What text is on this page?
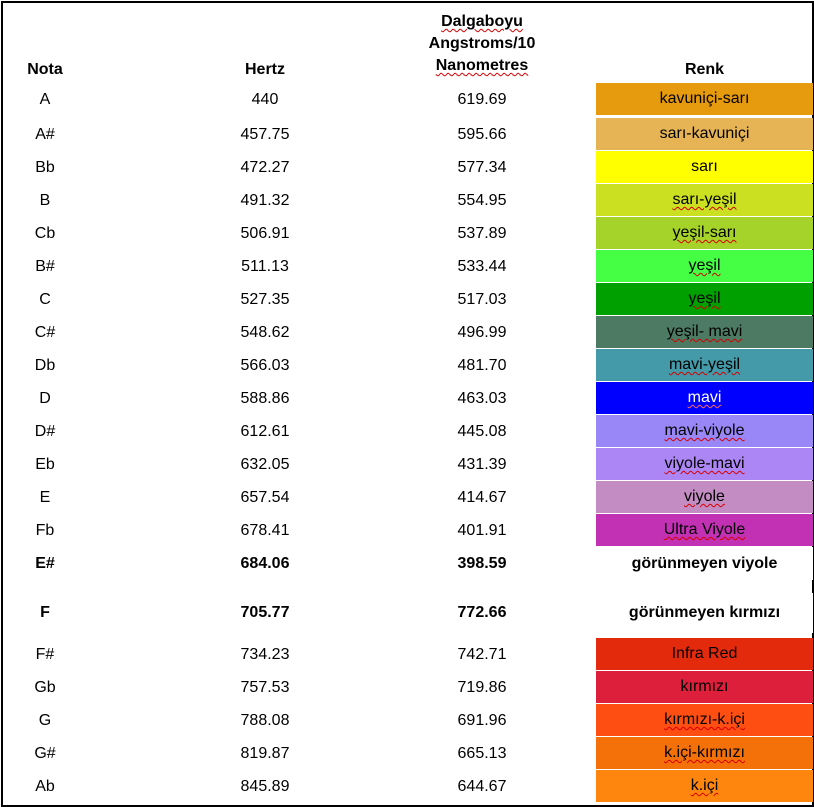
Nota	Hertz
Dalgaboyu
Angstroms/10
Nanometres	Renk
A	440	619.69	kavuniçi-sarı
A#	457.75	595.66	sarı-kavuniçi
Bb	472.27	577.34	sarı
B	491.32	554.95	sarı-yeşil
Cb	506.91	537.89	yeşil-sarı
B#	511.13	533.44	yeşil
C	527.35	517.03	yeşil
C#	548.62	496.99	yeşil- mavi
Db	566.03	481.70	mavi-yeşil
D	588.86	463.03	mavi
D#	612.61	445.08	mavi-viyole
Eb	632.05	431.39	viyole-mavi
E	657.54	414.67	viyole
Fb	678.41	401.91	Ultra Viyole
E#	684.06	398.59	görünmeyen viyole
F	705.77	772.66	görünmeyen kırmızı
F#	734.23	742.71	Infra Red
Gb	757.53	719.86	kırmızı
G	788.08	691.96	kırmızı-k.içi
G#	819.87	665.13	k.içi-kırmızı
Ab	845.89	644.67	k.içi
